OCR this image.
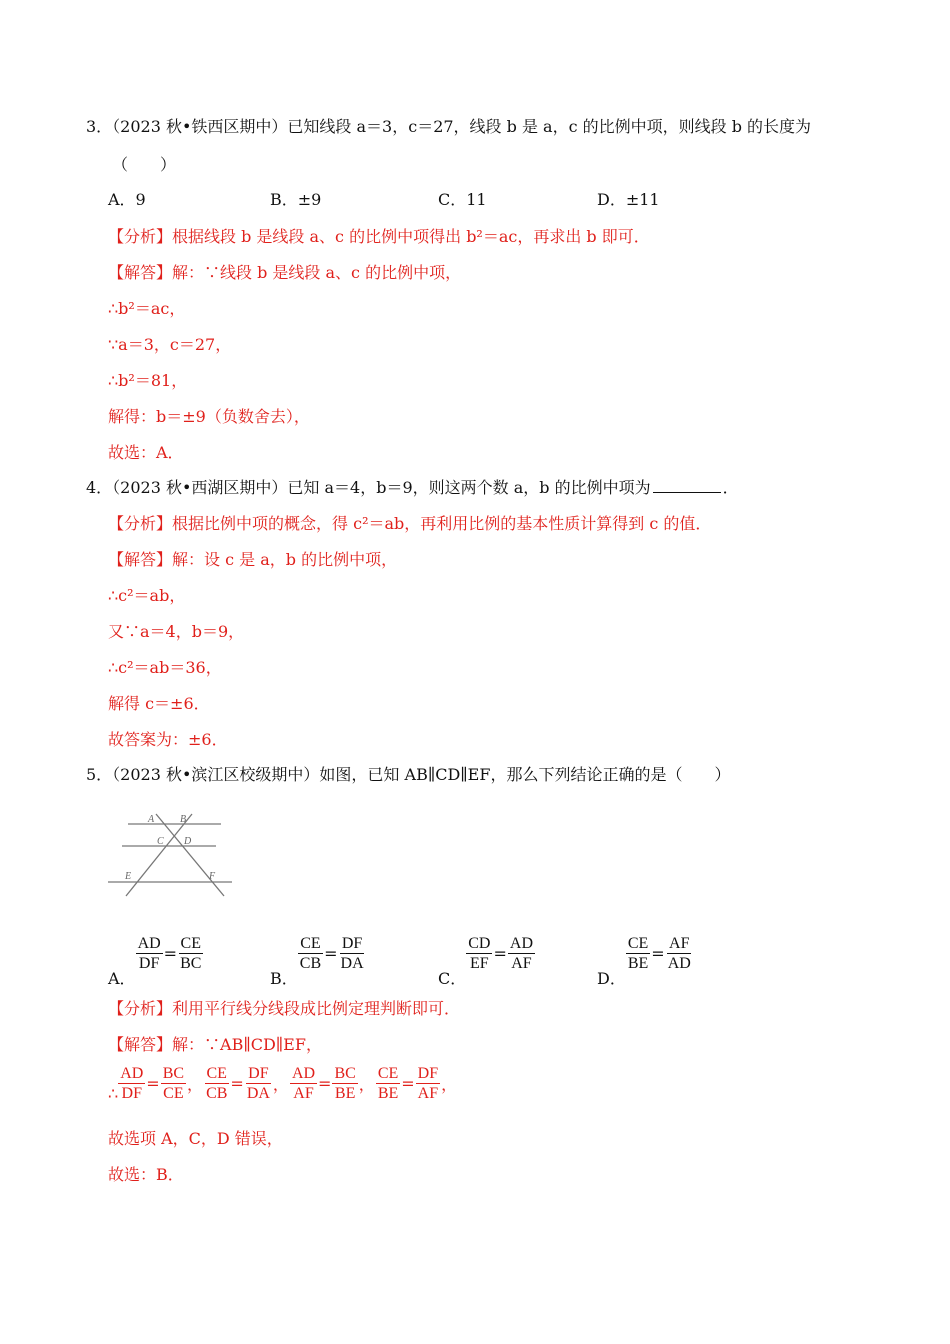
3．（2023 秋•铁西区期中）已知线段 a＝3，c＝27，线段 b 是 a，c 的比例中项，则线段 b 的长度为
（　　）
A．9	B．±9	C．11	D．±11
【分析】根据线段 b 是线段 a、c 的比例中项得出 b²＝ac，再求出 b 即可．
【解答】解：∵线段 b 是线段 a、c 的比例中项，
∴b²＝ac，
∵a＝3，c＝27，
∴b²＝81，
解得：b＝±9（负数舍去），
故选：A．
4．（2023 秋•西湖区期中）已知 a＝4，b＝9，则这两个数 a，b 的比例中项为	．
【分析】根据比例中项的概念，得 c²＝ab，再利用比例的基本性质计算得到 c 的值．
【解答】解：设 c 是 a，b 的比例中项，
∴c²＝ab，
又∵a＝4，b＝9，
∴c²＝ab＝36，
解得 c＝±6．
故答案为：±6．
5．（2023 秋•滨江区校级期中）如图，已知 AB∥CD∥EF，那么下列结论正确的是（　　）
A	B
C D
E	F
A．
$\frac{AD}{DF} = \frac{CE}{BC}$
B．
$\frac{CE}{CB} = \frac{DF}{DA}$
C．
$\frac{CD}{EF} = \frac{AD}{AF}$
D．
$\frac{CE}{BE} = \frac{AF}{AD}$
【分析】利用平行线分线段成比例定理判断即可．
【解答】解：∵AB∥CD∥EF，
∴ $\frac{AD}{DF} = \frac{BC}{CE}$ ， $\frac{CE}{CB} = \frac{DF}{DA}$ ， $\frac{AD}{AF} = \frac{BC}{BE}$ ， $\frac{CE}{BE} = \frac{DF}{AF}$ ，
故选项 A，C，D 错误，
故选：B．
